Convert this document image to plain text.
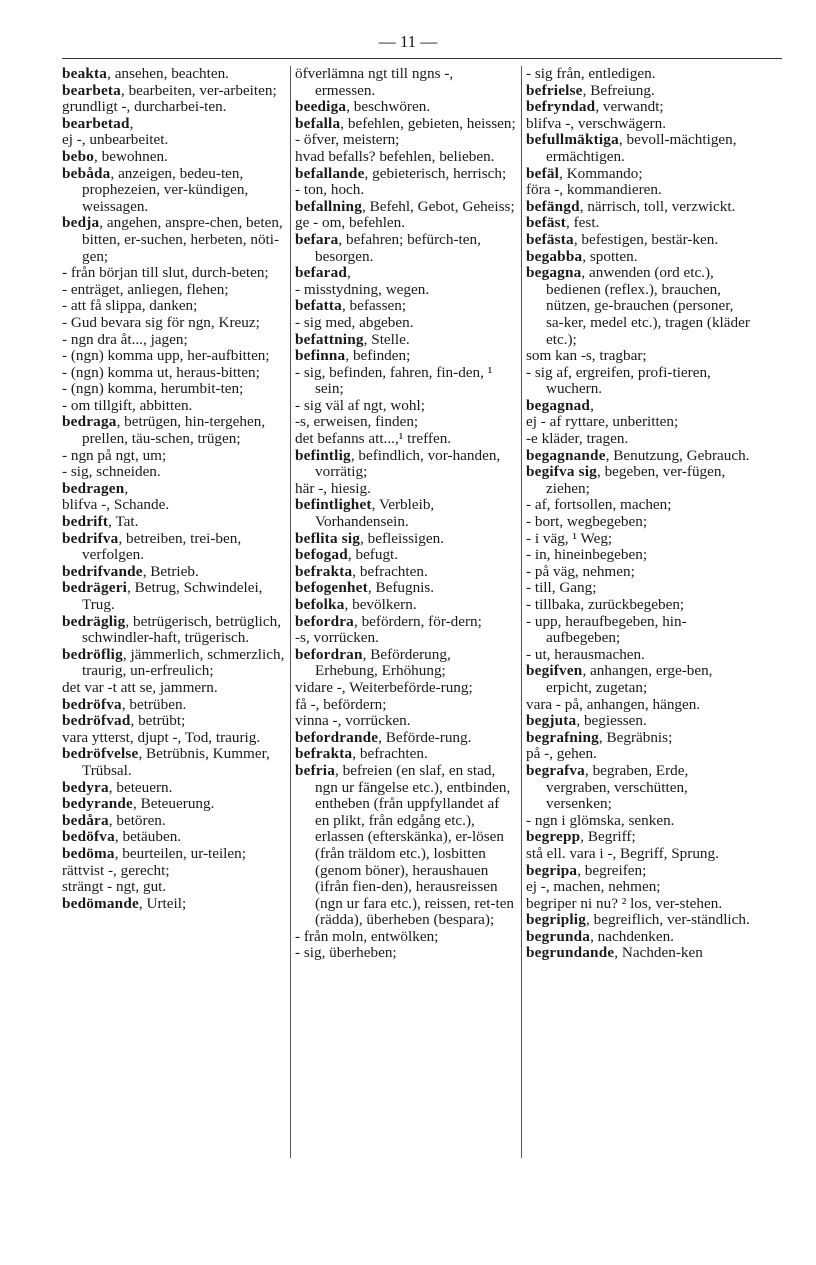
— 11 —

beakta, ansehen, beachten.

bearbeta, bearbeiten, ver-arbeiten;

grundligt -, durcharbei-ten.

bearbetad,

ej -, unbearbeitet.

bebo, bewohnen.

bebåda, anzeigen, bedeu-ten, prophezeien, ver-kündigen, weissagen.

bedja, angehen, anspre-chen, beten, bitten, er-suchen, herbeten, nöti-gen;

- från början till slut, durch-beten;

- enträget, anliegen, flehen;

- att få slippa, danken;

- Gud bevara sig för ngn, Kreuz;

- ngn dra åt..., jagen;

- (ngn) komma upp, her-aufbitten;

- (ngn) komma ut, heraus-bitten;

- (ngn) komma, herumbit-ten;

- om tillgift, abbitten.

bedraga, betrügen, hin-tergehen, prellen, täu-schen, trügen;

- ngn på ngt, um;

- sig, schneiden.

bedragen,

blifva -, Schande.

bedrift, Tat.

bedrifva, betreiben, trei-ben, verfolgen.

bedrifvande, Betrieb.

bedrägeri, Betrug, Schwindelei, Trug.

bedräglig, betrügerisch, betrüglich, schwindler-haft, trügerisch.

bedröflig, jämmerlich, schmerzlich, traurig, un-erfreulich;

det var -t att se, jammern.

bedröfva, betrüben.

bedröfvad, betrübt;

vara ytterst, djupt -, Tod, traurig.

bedröfvelse, Betrübnis, Kummer, Trübsal.

bedyra, beteuern.

bedyrande, Beteuerung.

bedåra, betören.

bedöfva, betäuben.

bedöma, beurteilen, ur-teilen;

rättvist -, gerecht;

strängt - ngt, gut.

bedömande, Urteil;

öfverlämna ngt till ngns -, ermessen.

beediga, beschwören.

befalla, befehlen, gebieten, heissen;

- öfver, meistern;

hvad befalls? befehlen, belieben.

befallande, gebieterisch, herrisch;

- ton, hoch.

befallning, Befehl, Gebot, Geheiss;

ge - om, befehlen.

befara, befahren; befürch-ten, besorgen.

befarad,

- misstydning, wegen.

befatta, befassen;

- sig med, abgeben.

befattning, Stelle.

befinna, befinden;

- sig, befinden, fahren, fin-den, ¹ sein;

- sig väl af ngt, wohl;

-s, erweisen, finden;

det befanns att...,¹ treffen.

befintlig, befindlich, vor-handen, vorrätig;

här -, hiesig.

befintlighet, Verbleib, Vorhandensein.

beflita sig, befleissigen.

befogad, befugt.

befrakta, befrachten.

befogenhet, Befugnis.

befolka, bevölkern.

befordra, befördern, för-dern;

-s, vorrücken.

befordran, Beförderung, Erhebung, Erhöhung;

vidare -, Weiterbeförde-rung;

få -, befördern;

vinna -, vorrücken.

befordrande, Beförde-rung.

befrakta, befrachten.

befria, befreien (en slaf, en stad, ngn ur fängelse etc.), entbinden, entheben (från uppfyllandet af en plikt, från edgång etc.), erlassen (efterskänka), er-lösen (från träldom etc.), losbitten (genom böner), heraushauen (ifrån fien-den), herausreissen (ngn ur fara etc.), reissen, ret-ten (rädda), überheben (bespara);

- från moln, entwölken;

- sig, überheben;

- sig från, entledigen.

befrielse, Befreiung.

befryndad, verwandt;

blifva -, verschwägern.

befullmäktiga, bevoll-mächtigen, ermächtigen.

befäl, Kommando;

föra -, kommandieren.

befängd, närrisch, toll, verzwickt.

befäst, fest.

befästa, befestigen, bestär-ken.

begabba, spotten.

begagna, anwenden (ord etc.), bedienen (reflex.), brauchen, nützen, ge-brauchen (personer, sa-ker, medel etc.), tragen (kläder etc.);

som kan -s, tragbar;

- sig af, ergreifen, profi-tieren, wuchern.

begagnad,

ej - af ryttare, unberitten;

-e kläder, tragen.

begagnande, Benutzung, Gebrauch.

begifva sig, begeben, ver-fügen, ziehen;

- af, fortsollen, machen;

- bort, wegbegeben;

- i väg, ¹ Weg;

- in, hineinbegeben;

- på väg, nehmen;

- till, Gang;

- tillbaka, zurückbegeben;

- upp, heraufbegeben, hin-aufbegeben;

- ut, herausmachen.

begifven, anhangen, erge-ben, erpicht, zugetan;

vara - på, anhangen, hängen.

begjuta, begiessen.

begrafning, Begräbnis;

på -, gehen.

begrafva, begraben, Erde, vergraben, verschütten, versenken;

- ngn i glömska, senken.

begrepp, Begriff;

stå ell. vara i -, Begriff, Sprung.

begripa, begreifen;

ej -, machen, nehmen;

begriper ni nu? ² los, ver-stehen.

begriplig, begreiflich, ver-ständlich.

begrunda, nachdenken.

begrundande, Nachden-ken
